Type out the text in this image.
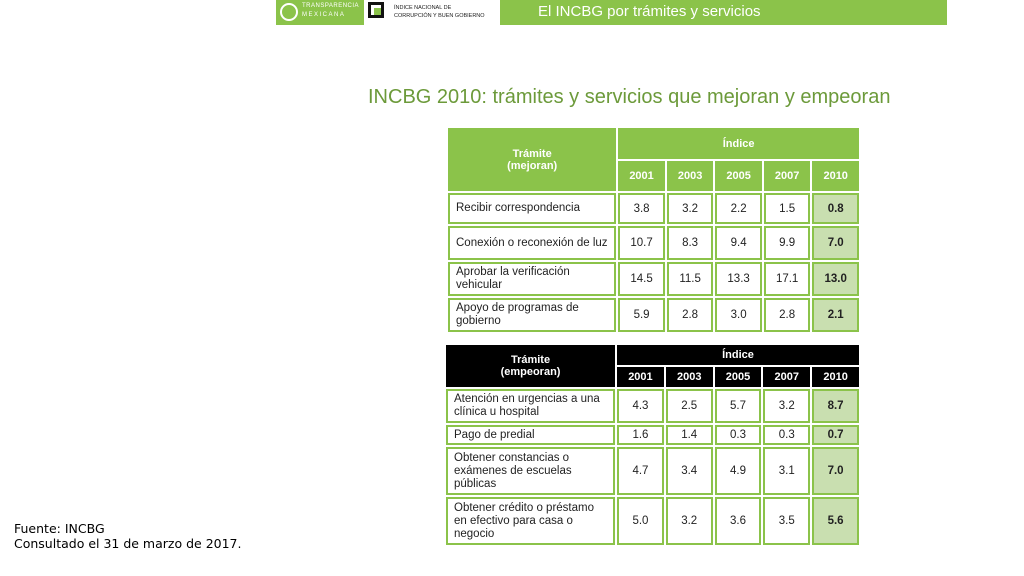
TRANSPARENCIA
MEXICANA
ÍNDICE NACIONAL DE
CORRUPCIÓN Y BUEN GOBIERNO	El INCBG por trámites y servicios
INCBG 2010: trámites y servicios que mejoran y empeoran
Trámite
(mejoran)	Índice				
	2001	2003	2005	2007	2010
Recibir correspondencia	3.8	3.2	2.2	1.5	0.8
Conexión o reconexión de luz	10.7	8.3	9.4	9.9	7.0
Aprobar la verificación vehicular	14.5	11.5	13.3	17.1	13.0
Apoyo de programas de gobierno	5.9	2.8	3.0	2.8	2.1
Trámite
(empeoran)	Índice				
	2001	2003	2005	2007	2010
Atención en urgencias a una clínica u hospital	4.3	2.5	5.7	3.2	8.7
Pago de predial	1.6	1.4	0.3	0.3	0.7
Obtener constancias o exámenes de escuelas públicas	4.7	3.4	4.9	3.1	7.0
Obtener crédito o préstamo en efectivo para casa o negocio	5.0	3.2	3.6	3.5	5.6
Fuente: INCBG
Consultado el 31 de marzo de 2017.
